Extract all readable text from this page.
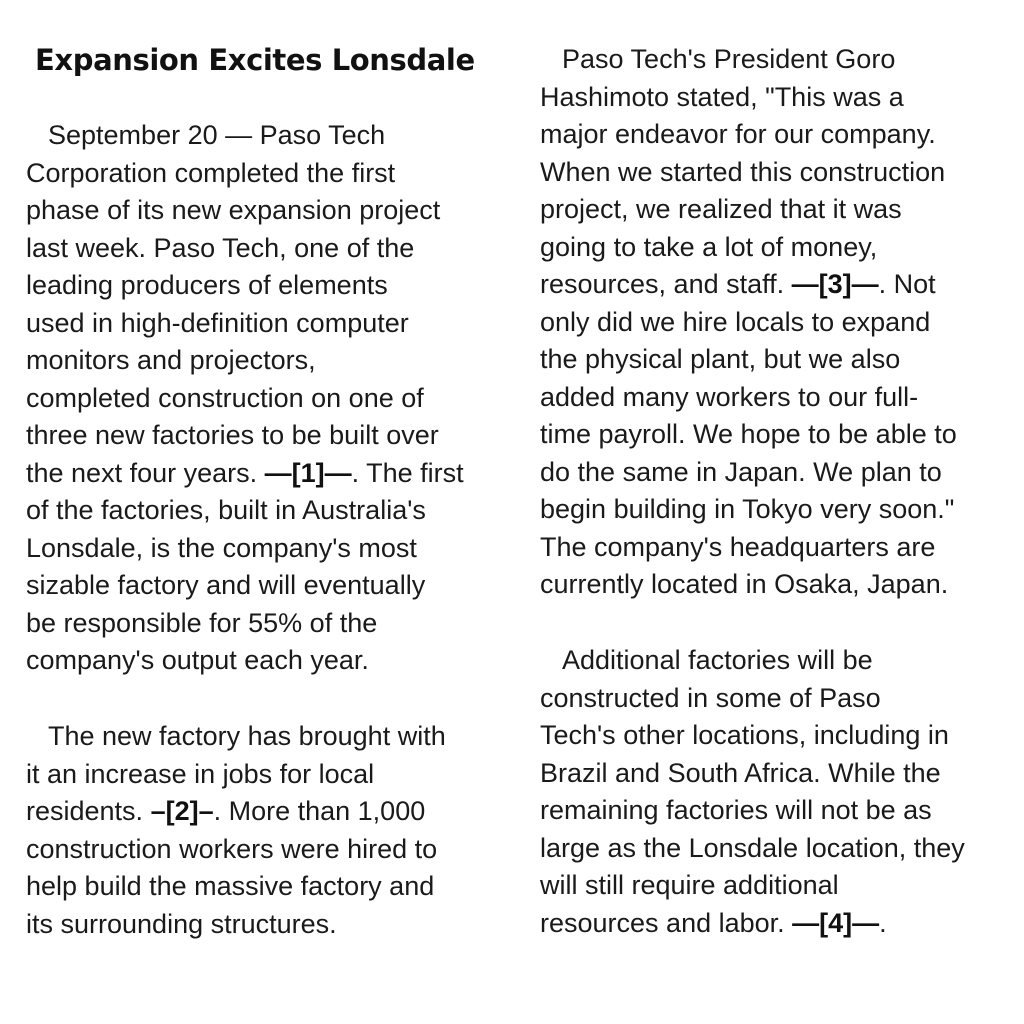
Expansion Excites Lonsdale

September 20 — Paso Tech
Corporation completed the first
phase of its new expansion project
last week. Paso Tech, one of the
leading producers of elements
used in high-definition computer
monitors and projectors,
completed construction on one of
three new factories to be built over
the next four years. —[1]—. The first
of the factories, built in Australia's
Lonsdale, is the company's most
sizable factory and will eventually
be responsible for 55% of the
company's output each year.

The new factory has brought with
it an increase in jobs for local
residents. –[2]–. More than 1,000
construction workers were hired to
help build the massive factory and
its surrounding structures.

Paso Tech's President Goro
Hashimoto stated, "This was a
major endeavor for our company.
When we started this construction
project, we realized that it was
going to take a lot of money,
resources, and staff. —[3]—. Not
only did we hire locals to expand
the physical plant, but we also
added many workers to our full-
time payroll. We hope to be able to
do the same in Japan. We plan to
begin building in Tokyo very soon."
The company's headquarters are
currently located in Osaka, Japan.

Additional factories will be
constructed in some of Paso
Tech's other locations, including in
Brazil and South Africa. While the
remaining factories will not be as
large as the Lonsdale location, they
will still require additional
resources and labor. —[4]—.
